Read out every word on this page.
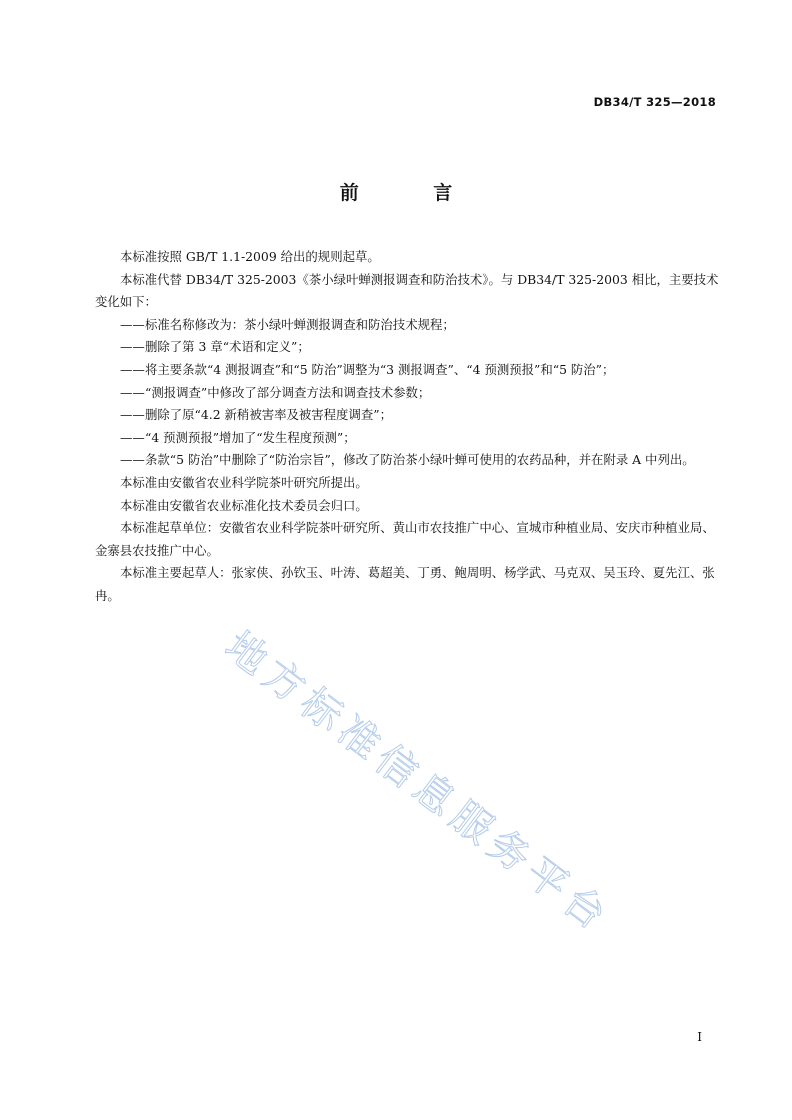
DB34/T 325—2018
前 言

本标准按照 GB/T 1.1-2009 给出的规则起草。

本标准代替 DB34/T 325-2003《茶小绿叶蝉测报调查和防治技术》。与 DB34/T 325-2003 相比，主要技术变化如下：

——标准名称修改为：茶小绿叶蝉测报调查和防治技术规程；

——删除了第 3 章“术语和定义”；

——将主要条款“4 测报调查”和“5 防治”调整为“3 测报调查”、“4 预测预报”和“5 防治”；

——“测报调查”中修改了部分调查方法和调查技术参数；

——删除了原“4.2 新稍被害率及被害程度调查”；

——“4 预测预报”增加了“发生程度预测”；

——条款“5 防治”中删除了“防治宗旨”，修改了防治茶小绿叶蝉可使用的农药品种，并在附录 A 中列出。

本标准由安徽省农业科学院茶叶研究所提出。

本标准由安徽省农业标准化技术委员会归口。

本标准起草单位：安徽省农业科学院茶叶研究所、黄山市农技推广中心、宣城市种植业局、安庆市种植业局、金寨县农技推广中心。

本标准主要起草人：张家侠、孙钦玉、叶涛、葛超美、丁勇、鲍周明、杨学武、马克双、吴玉玲、夏先江、张冉。

地方标准信息服务平台
I
